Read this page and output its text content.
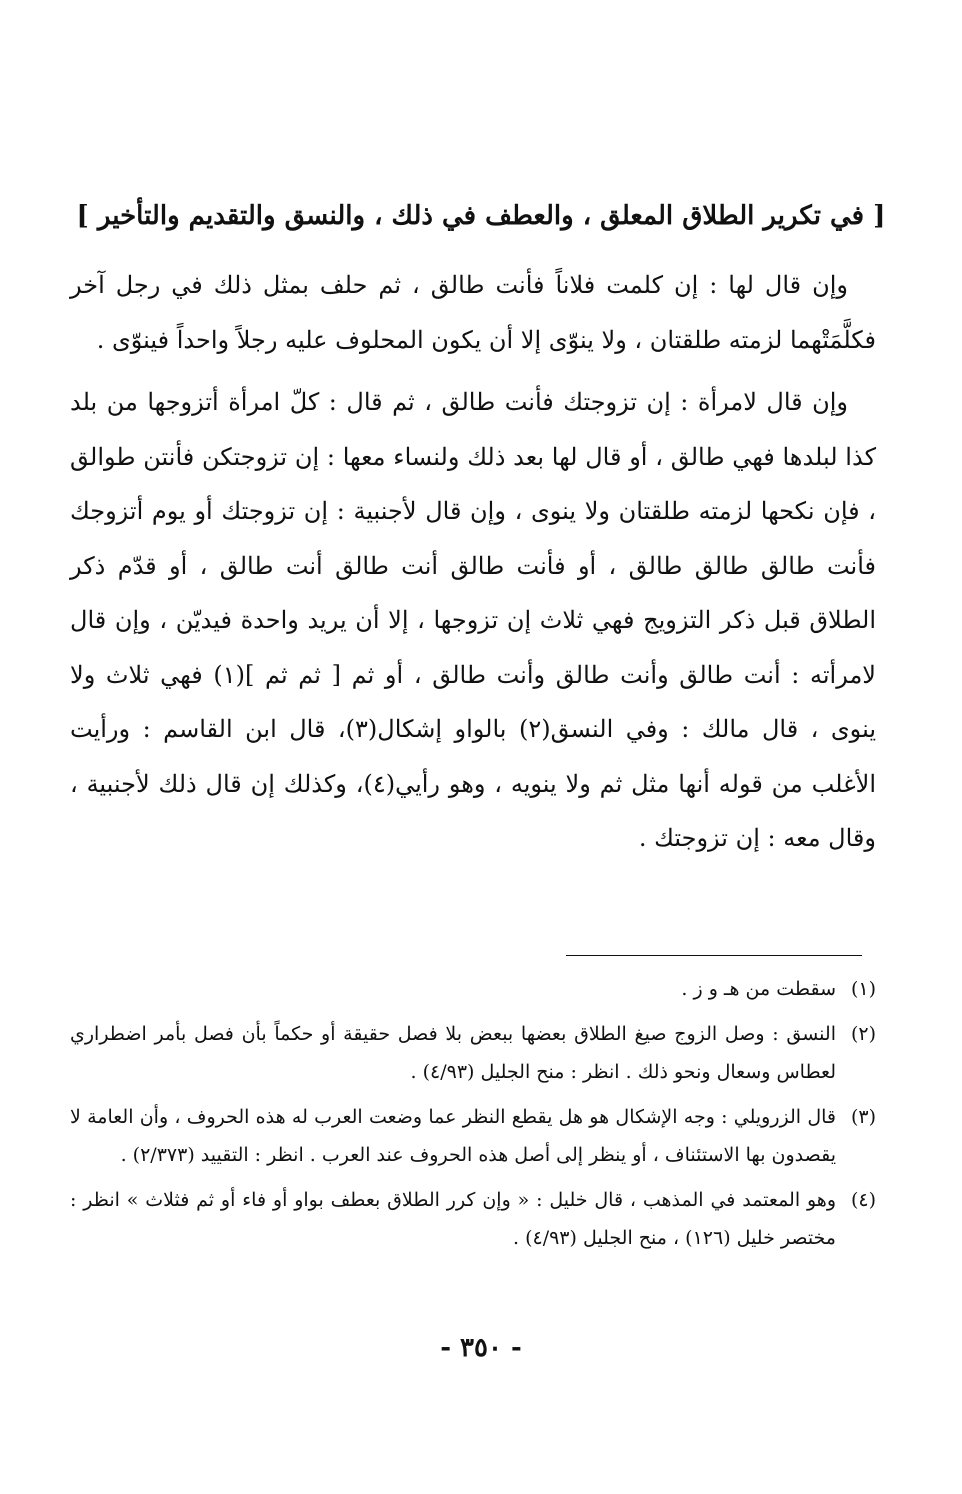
[ في تكرير الطلاق المعلق ، والعطف في ذلك ، والنسق والتقديم والتأخير ]

وإن قال لها : إن كلمت فلاناً فأنت طالق ، ثم حلف بمثل ذلك في رجل آخر فكلَّمَتْهما لزمته طلقتان ، ولا ينوّى إلا أن يكون المحلوف عليه رجلاً واحداً فينوّى .

وإن قال لامرأة : إن تزوجتك فأنت طالق ، ثم قال : كلّ امرأة أتزوجها من بلد كذا لبلدها فهي طالق ، أو قال لها بعد ذلك ولنساء معها : إن تزوجتكن فأنتن طوالق ، فإن نكحها لزمته طلقتان ولا ينوى ، وإن قال لأجنبية : إن تزوجتك أو يوم أتزوجك فأنت طالق طالق طالق ، أو فأنت طالق أنت طالق أنت طالق ، أو قدّم ذكر الطلاق قبل ذكر التزويج فهي ثلاث إن تزوجها ، إلا أن يريد واحدة فيديّن ، وإن قال لامرأته : أنت طالق وأنت طالق وأنت طالق ، أو ثم [ ثم ثم ](١) فهي ثلاث ولا ينوى ، قال مالك : وفي النسق(٢) بالواو إشكال(٣)، قال ابن القاسم : ورأيت الأغلب من قوله أنها مثل ثم ولا ينويه ، وهو رأيي(٤)، وكذلك إن قال ذلك لأجنبية ، وقال معه : إن تزوجتك .

(١)
سقطت من هـ و ز .
(٢)
النسق : وصل الزوج صيغ الطلاق بعضها ببعض بلا فصل حقيقة أو حكماً بأن فصل بأمر اضطراري لعطاس وسعال ونحو ذلك . انظر : منح الجليل (٤/٩٣) .
(٣)
قال الزرويلي : وجه الإشكال هو هل يقطع النظر عما وضعت العرب له هذه الحروف ، وأن العامة لا يقصدون بها الاستئناف ، أو ينظر إلى أصل هذه الحروف عند العرب . انظر : التقييد (٢/٣٧٣) .
(٤)
وهو المعتمد في المذهب ، قال خليل : « وإن كرر الطلاق بعطف بواو أو فاء أو ثم فثلاث » انظر : مختصر خليل (١٢٦) ، منح الجليل (٤/٩٣) .
- ٣٥٠ -
